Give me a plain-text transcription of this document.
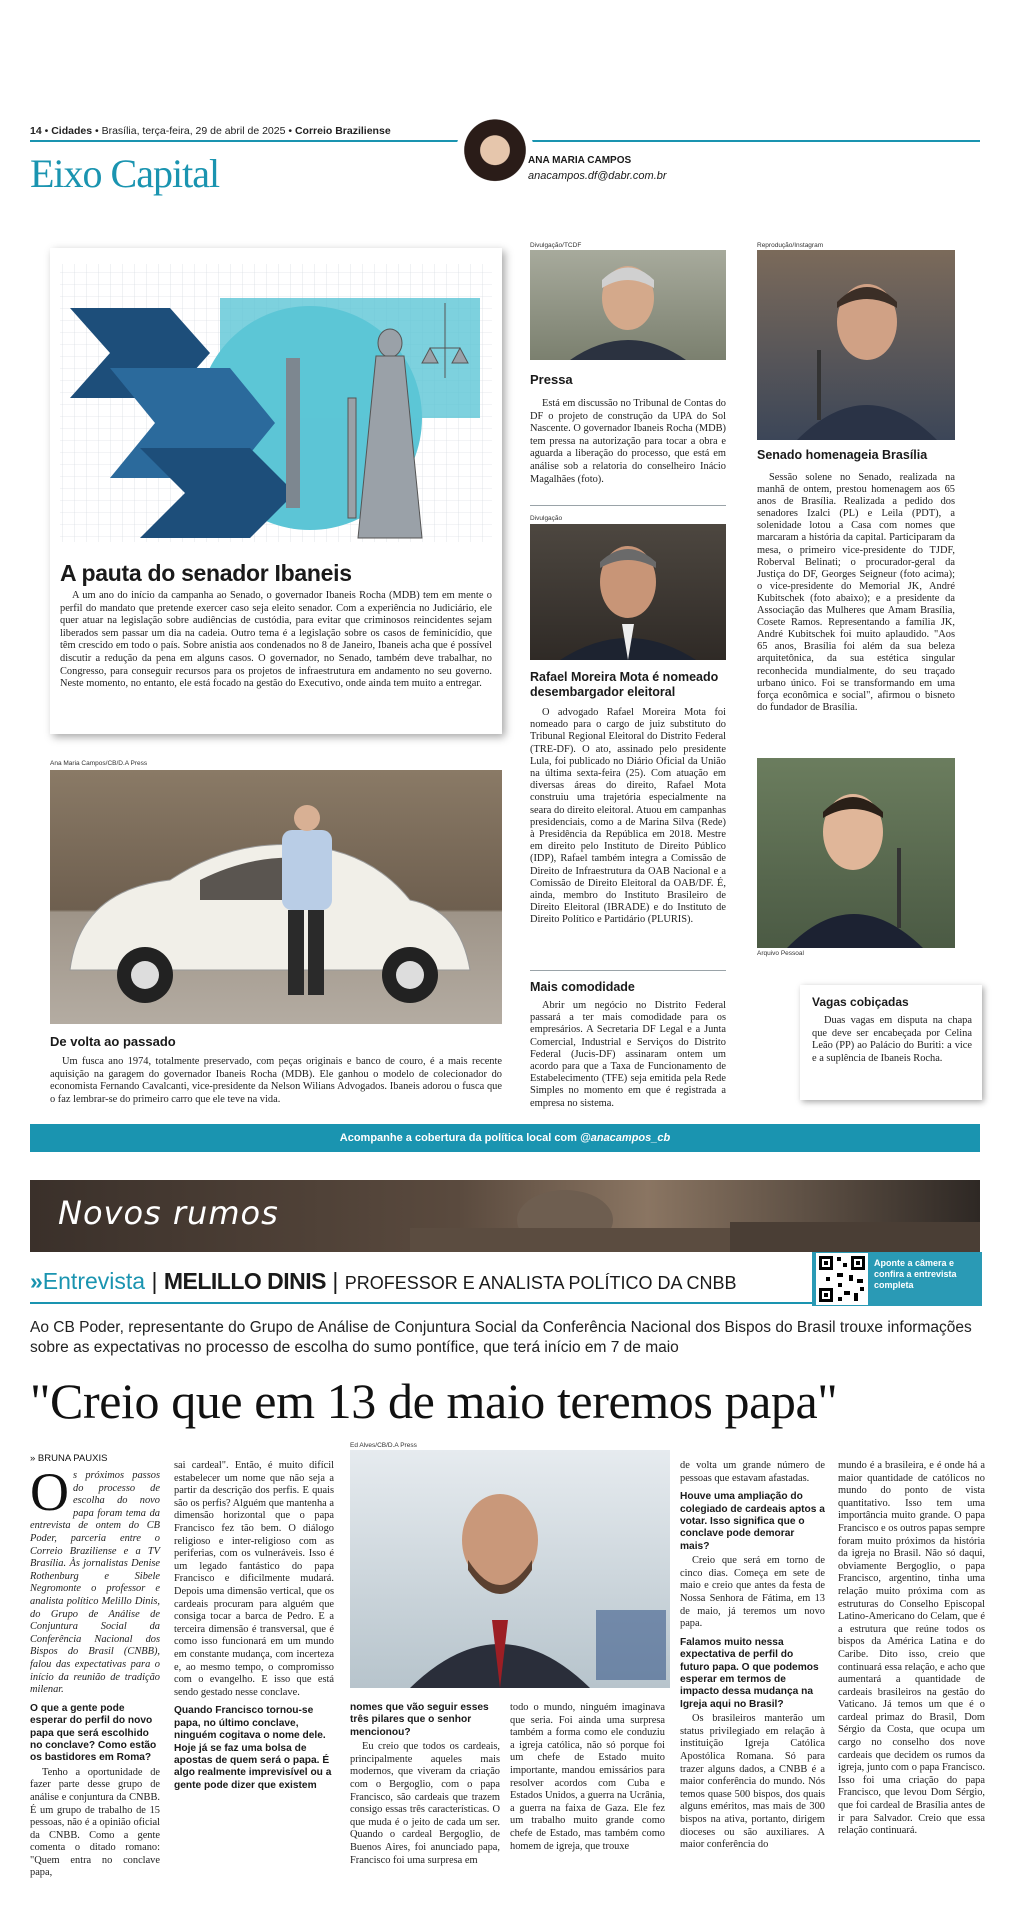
14 • Cidades • Brasília, terça-feira, 29 de abril de 2025 • Correio Braziliense
Eixo Capital	ANA MARIA CAMPOS
anacampos.df@dabr.com.br
A pauta do senador Ibaneis

A um ano do início da campanha ao Senado, o governador Ibaneis Rocha (MDB) tem em mente o perfil do mandato que pretende exercer caso seja eleito senador. Com a experiência no Judiciário, ele quer atuar na legislação sobre audiências de custódia, para evitar que criminosos reincidentes sejam liberados sem passar um dia na cadeia. Outro tema é a legislação sobre os casos de feminicídio, que têm crescido em todo o país. Sobre anistia aos condenados no 8 de Janeiro, Ibaneis acha que é possível discutir a redução da pena em alguns casos. O governador, no Senado, também deve trabalhar, no Congresso, para conseguir recursos para os projetos de infraestrutura em andamento no seu governo. Neste momento, no entanto, ele está focado na gestão do Executivo, onde ainda tem muito a entregar.

Ana Maria Campos/CB/D.A Press
De volta ao passado

Um fusca ano 1974, totalmente preservado, com peças originais e banco de couro, é a mais recente aquisição na garagem do governador Ibaneis Rocha (MDB). Ele ganhou o modelo de colecionador do economista Fernando Cavalcanti, vice-presidente da Nelson Wilians Advogados. Ibaneis adorou o fusca que o faz lembrar-se do primeiro carro que ele teve na vida.

Divulgação/TCDF
Pressa

Está em discussão no Tribunal de Contas do DF o projeto de construção da UPA do Sol Nascente. O governador Ibaneis Rocha (MDB) tem pressa na autorização para tocar a obra e aguarda a liberação do processo, que está em análise sob a relatoria do conselheiro Inácio Magalhães (foto).

Divulgação
Rafael Moreira Mota é nomeado desembargador eleitoral

O advogado Rafael Moreira Mota foi nomeado para o cargo de juiz substituto do Tribunal Regional Eleitoral do Distrito Federal (TRE-DF). O ato, assinado pelo presidente Lula, foi publicado no Diário Oficial da União na última sexta-feira (25). Com atuação em diversas áreas do direito, Rafael Mota construiu uma trajetória especialmente na seara do direito eleitoral. Atuou em campanhas presidenciais, como a de Marina Silva (Rede) à Presidência da República em 2018. Mestre em direito pelo Instituto de Direito Público (IDP), Rafael também integra a Comissão de Direito de Infraestrutura da OAB Nacional e a Comissão de Direito Eleitoral da OAB/DF. É, ainda, membro do Instituto Brasileiro de Direito Eleitoral (IBRADE) e do Instituto de Direito Político e Partidário (PLURIS).

Mais comodidade

Abrir um negócio no Distrito Federal passará a ter mais comodidade para os empresários. A Secretaria DF Legal e a Junta Comercial, Industrial e Serviços do Distrito Federal (Jucis-DF) assinaram ontem um acordo para que a Taxa de Funcionamento de Estabelecimento (TFE) seja emitida pela Rede Simples no momento em que é registrada a empresa no sistema.

Reprodução/Instagram
Senado homenageia Brasília

Sessão solene no Senado, realizada na manhã de ontem, prestou homenagem aos 65 anos de Brasília. Realizada a pedido dos senadores Izalci (PL) e Leila (PDT), a solenidade lotou a Casa com nomes que marcaram a história da capital. Participaram da mesa, o primeiro vice-presidente do TJDF, Roberval Belinati; o procurador-geral da Justiça do DF, Georges Seigneur (foto acima); o vice-presidente do Memorial JK, André Kubitschek (foto abaixo); e a presidente da Associação das Mulheres que Amam Brasília, Cosete Ramos. Representando a família JK, André Kubitschek foi muito aplaudido. "Aos 65 anos, Brasília foi além da sua beleza arquitetônica, da sua estética singular reconhecida mundialmente, do seu traçado urbano único. Foi se transformando em uma força econômica e social", afirmou o bisneto do fundador de Brasília.

Arquivo Pessoal
Vagas cobiçadas

Duas vagas em disputa na chapa que deve ser encabeçada por Celina Leão (PP) ao Palácio do Buriti: a vice e a suplência de Ibaneis Rocha.

Acompanhe a cobertura da política local com @anacampos_cb
Novos rumos
»Entrevista | MELILLO DINIS | PROFESSOR E ANALISTA POLÍTICO DA CNBB
Aponte a câmera e confira a entrevista completa
Ao CB Poder, representante do Grupo de Análise de Conjuntura Social da Conferência Nacional dos Bispos do Brasil trouxe informações sobre as expectativas no processo de escolha do sumo pontífice, que terá início em 7 de maio
"Creio que em 13 de maio teremos papa"
» BRUNA PAUXIS
O s próximos passos do processo de escolha do novo papa foram tema da entrevista de ontem do CB Poder, parceria entre o Correio Braziliense e a TV Brasília. Às jornalistas Denise Rothenburg e Sibele Negromonte o professor e analista político Melillo Dinis, do Grupo de Análise de Conjuntura Social da Conferência Nacional dos Bispos do Brasil (CNBB), falou das expectativas para o início da reunião de tradição milenar.

O que a gente pode esperar do perfil do novo papa que será escolhido no conclave? Como estão os bastidores em Roma?

Tenho a oportunidade de fazer parte desse grupo de análise e conjuntura da CNBB. É um grupo de trabalho de 15 pessoas, não é a opinião oficial da CNBB. Como a gente comenta o ditado romano: "Quem entra no conclave papa,

sai cardeal". Então, é muito difícil estabelecer um nome que não seja a partir da descrição dos perfis. E quais são os perfis? Alguém que mantenha a dimensão horizontal que o papa Francisco fez tão bem. O diálogo religioso e inter-religioso com as periferias, com os vulneráveis. Isso é um legado fantástico do papa Francisco e dificilmente mudará. Depois uma dimensão vertical, que os cardeais procuram para alguém que consiga tocar a barca de Pedro. E a terceira dimensão é transversal, que é como isso funcionará em um mundo em constante mudança, com incerteza e, ao mesmo tempo, o compromisso com o evangelho. E isso que está sendo gestado nesse conclave.

Quando Francisco tornou-se papa, no último conclave, ninguém cogitava o nome dele. Hoje já se faz uma bolsa de apostas de quem será o papa. É algo realmente imprevisível ou a gente pode dizer que existem
Ed Alves/CB/D.A Press
nomes que vão seguir esses três pilares que o senhor mencionou?

Eu creio que todos os cardeais, principalmente aqueles mais modernos, que viveram da criação com o Bergoglio, com o papa Francisco, são cardeais que trazem consigo essas três características. O que muda é o jeito de cada um ser. Quando o cardeal Bergoglio, de Buenos Aires, foi anunciado papa, Francisco foi uma surpresa em

todo o mundo, ninguém imaginava que seria. Foi ainda uma surpresa também a forma como ele conduziu a igreja católica, não só porque foi um chefe de Estado muito importante, mandou emissários para resolver acordos com Cuba e Estados Unidos, a guerra na Ucrânia, a guerra na faixa de Gaza. Ele fez um trabalho muito grande como chefe de Estado, mas também como homem de igreja, que trouxe

de volta um grande número de pessoas que estavam afastadas.

Houve uma ampliação do colegiado de cardeais aptos a votar. Isso significa que o conclave pode demorar mais?

Creio que será em torno de cinco dias. Começa em sete de maio e creio que antes da festa de Nossa Senhora de Fátima, em 13 de maio, já teremos um novo papa.

Falamos muito nessa expectativa de perfil do futuro papa. O que podemos esperar em termos de impacto dessa mudança na Igreja aqui no Brasil?

Os brasileiros manterão um status privilegiado em relação à instituição Igreja Católica Apostólica Romana. Só para trazer alguns dados, a CNBB é a maior conferência do mundo. Nós temos quase 500 bispos, dos quais alguns eméritos, mas mais de 300 bispos na ativa, portanto, dirigem dioceses ou são auxiliares. A maior conferência do

mundo é a brasileira, e é onde há a maior quantidade de católicos no mundo do ponto de vista quantitativo. Isso tem uma importância muito grande. O papa Francisco e os outros papas sempre foram muito próximos da história da igreja no Brasil. Não só daqui, obviamente Bergoglio, o papa Francisco, argentino, tinha uma relação muito próxima com as estruturas do Conselho Episcopal Latino-Americano do Celam, que é a estrutura que reúne todos os bispos da América Latina e do Caribe. Dito isso, creio que continuará essa relação, e acho que aumentará a quantidade de cardeais brasileiros na gestão do Vaticano. Já temos um que é o cardeal primaz do Brasil, Dom Sérgio da Costa, que ocupa um cargo no conselho dos nove cardeais que decidem os rumos da igreja, junto com o papa Francisco. Isso foi uma criação do papa Francisco, que levou Dom Sérgio, que foi cardeal de Brasília antes de ir para Salvador. Creio que essa relação continuará.
